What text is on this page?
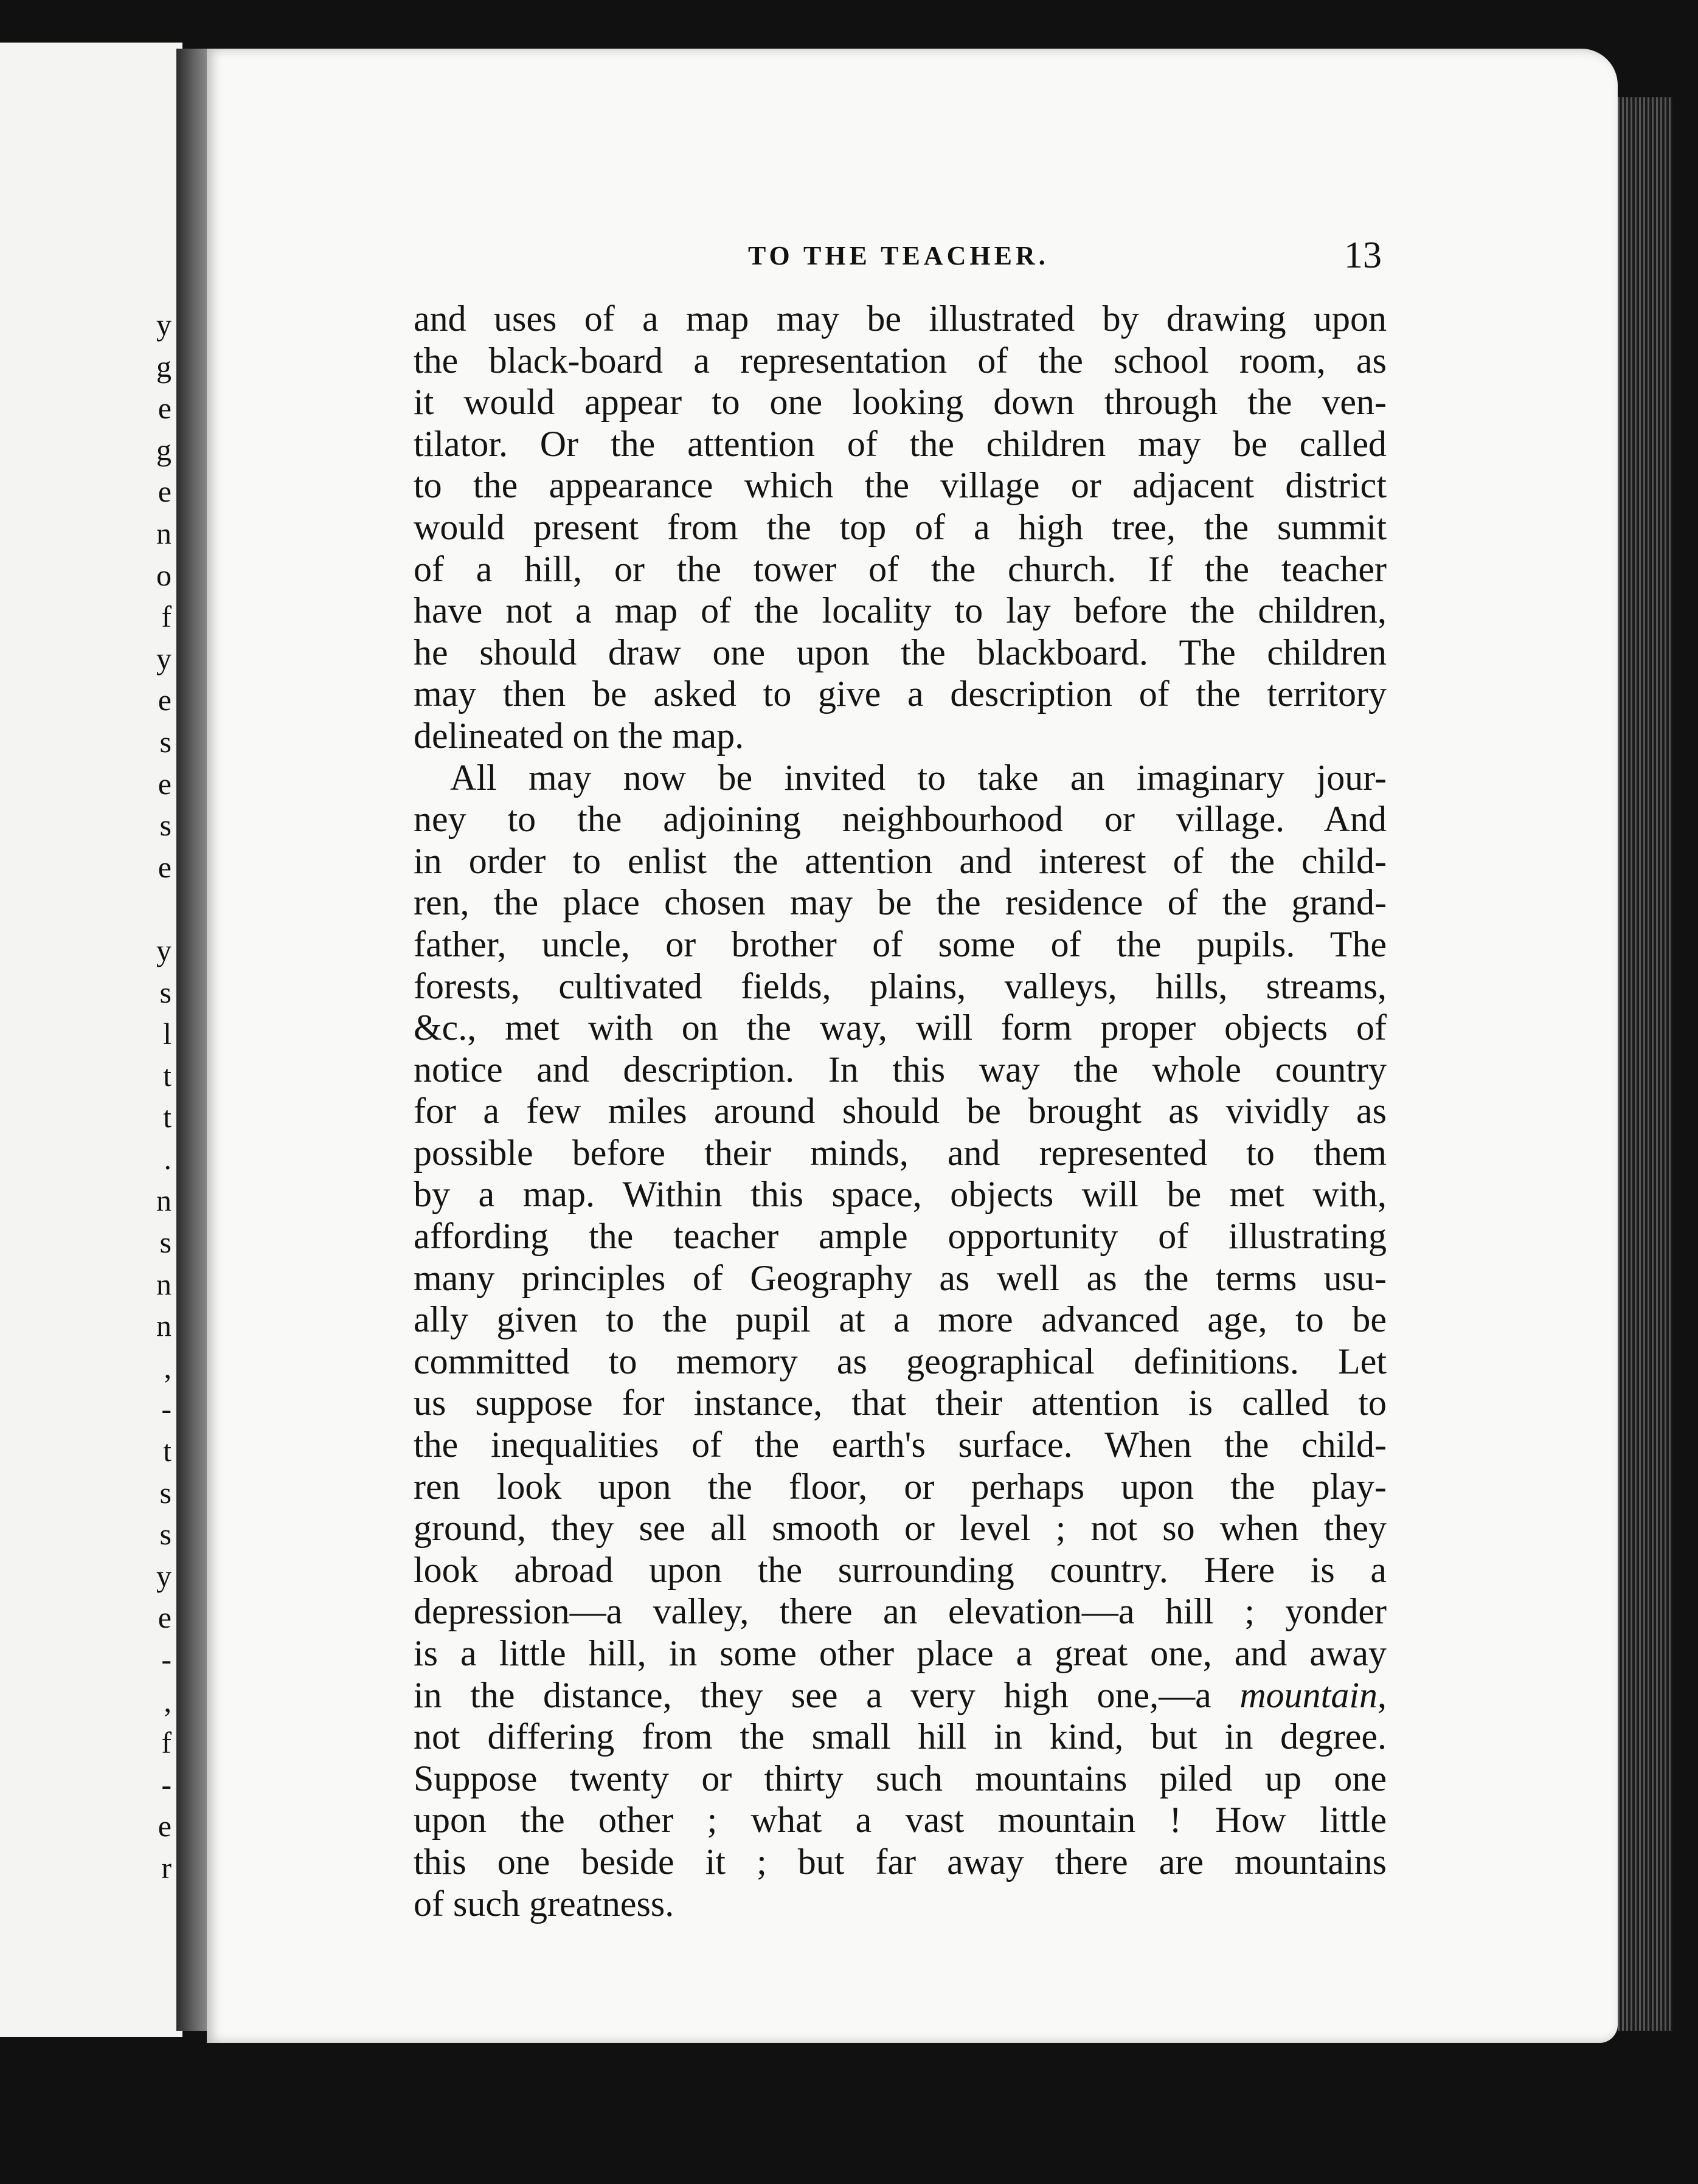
y
g
e
g
e
n
o
f
y
e
s
e
s
e
y
s
l
t
t
.
n
s
n
n
,
-
t
s
s
y
e
-
,
f
-
e
r
TO THE TEACHER.	13
and uses of a map may be illustrated by drawing upon
the black-board a representation of the school room, as
it would appear to one looking down through the ven-
tilator. Or the attention of the children may be called
to the appearance which the village or adjacent district
would present from the top of a high tree, the summit
of a hill, or the tower of the church. If the teacher
have not a map of the locality to lay before the children,
he should draw one upon the blackboard. The children
may then be asked to give a description of the territory
delineated on the map.
All may now be invited to take an imaginary jour-
ney to the adjoining neighbourhood or village. And
in order to enlist the attention and interest of the child-
ren, the place chosen may be the residence of the grand-
father, uncle, or brother of some of the pupils. The
forests, cultivated fields, plains, valleys, hills, streams,
&c., met with on the way, will form proper objects of
notice and description. In this way the whole country
for a few miles around should be brought as vividly as
possible before their minds, and represented to them
by a map. Within this space, objects will be met with,
affording the teacher ample opportunity of illustrating
many principles of Geography as well as the terms usu-
ally given to the pupil at a more advanced age, to be
committed to memory as geographical definitions. Let
us suppose for instance, that their attention is called to
the inequalities of the earth's surface. When the child-
ren look upon the floor, or perhaps upon the play-
ground, they see all smooth or level ; not so when they
look abroad upon the surrounding country. Here is a
depression—a valley, there an elevation—a hill ; yonder
is a little hill, in some other place a great one, and away
in the distance, they see a very high one,—a mountain,
not differing from the small hill in kind, but in degree.
Suppose twenty or thirty such mountains piled up one
upon the other ; what a vast mountain ! How little
this one beside it ; but far away there are mountains
of such greatness.
